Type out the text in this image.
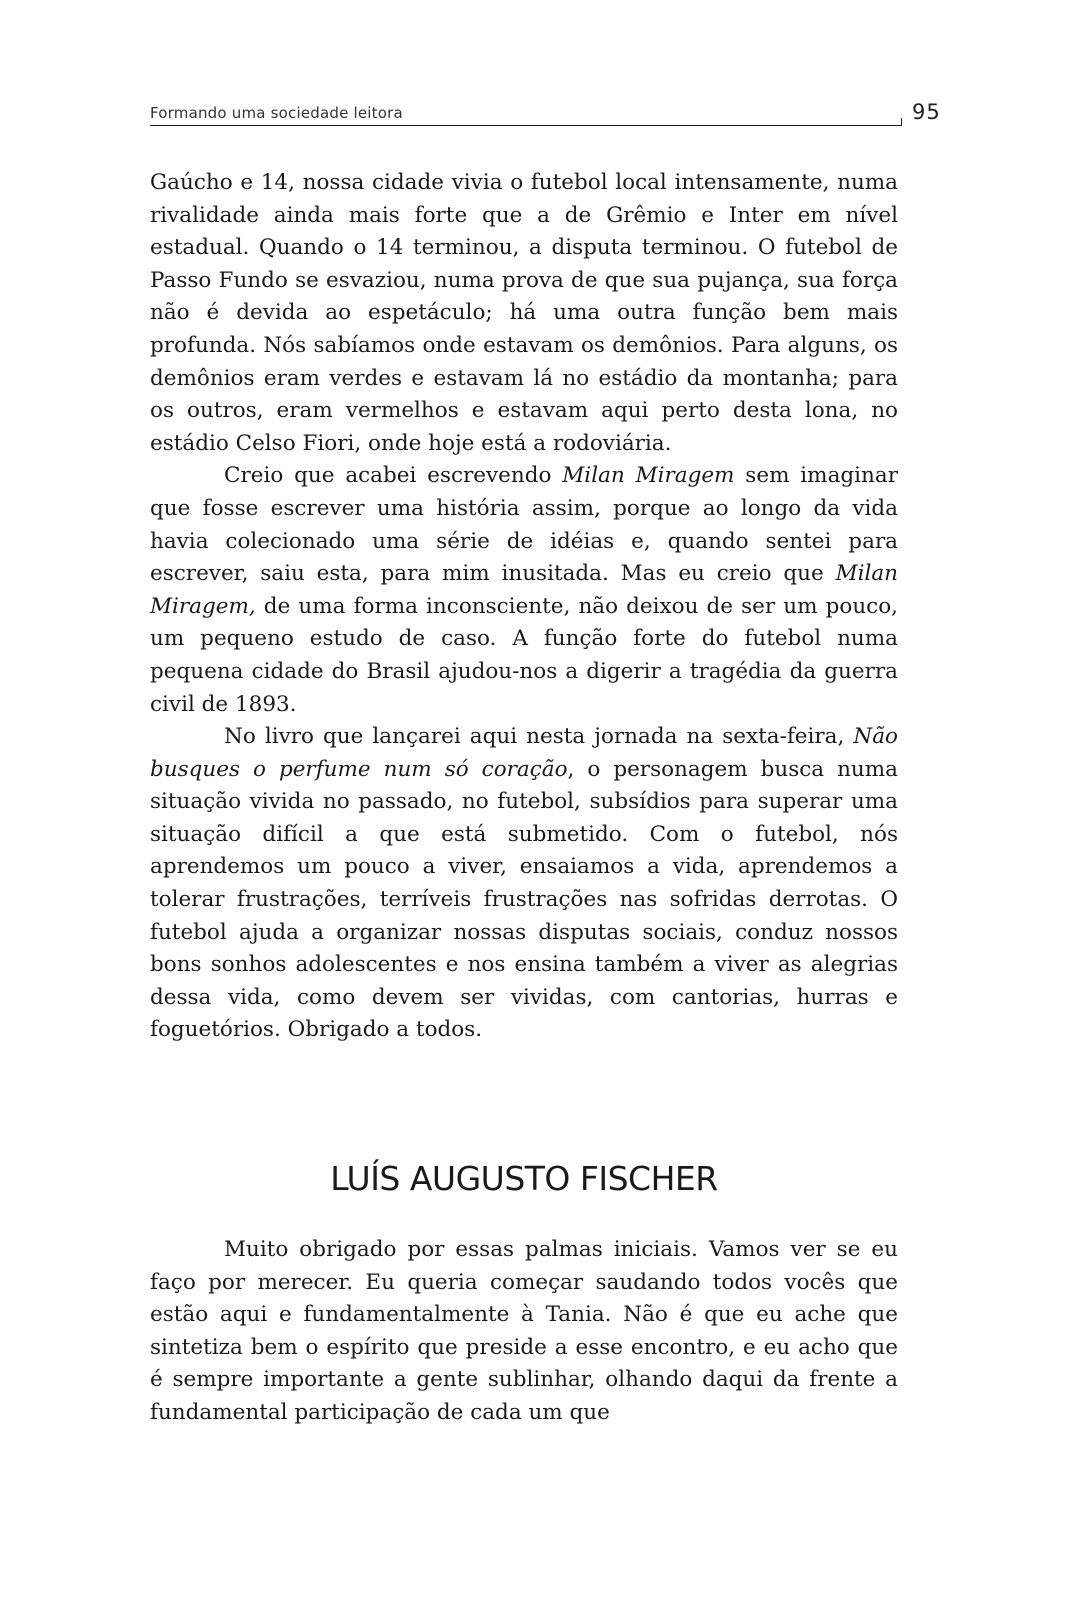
Formando uma sociedade leitora	95

Gaúcho e 14, nossa cidade vivia o futebol local intensamente, numa rivalidade ainda mais forte que a de Grêmio e Inter em nível estadual. Quando o 14 terminou, a disputa terminou. O futebol de Passo Fundo se esvaziou, numa prova de que sua pujança, sua força não é devida ao espetáculo; há uma outra função bem mais profunda. Nós sabíamos onde estavam os demônios. Para alguns, os demônios eram verdes e estavam lá no estádio da montanha; para os outros, eram vermelhos e estavam aqui perto desta lona, no estádio Celso Fiori, onde hoje está a rodoviária.

Creio que acabei escrevendo Milan Miragem sem imaginar que fosse escrever uma história assim, porque ao longo da vida havia colecionado uma série de idéias e, quando sentei para escrever, saiu esta, para mim inusitada. Mas eu creio que Milan Miragem, de uma forma inconsciente, não deixou de ser um pouco, um pequeno estudo de caso. A função forte do futebol numa pequena cidade do Brasil ajudou-nos a digerir a tragédia da guerra civil de 1893.

No livro que lançarei aqui nesta jornada na sexta-feira, Não busques o perfume num só coração, o personagem busca numa situação vivida no passado, no futebol, subsídios para superar uma situação difícil a que está submetido. Com o futebol, nós aprendemos um pouco a viver, ensaiamos a vida, aprendemos a tolerar frustrações, terríveis frustrações nas sofridas derrotas. O futebol ajuda a organizar nossas disputas sociais, conduz nossos bons sonhos adolescentes e nos ensina também a viver as alegrias dessa vida, como devem ser vividas, com cantorias, hurras e foguetórios. Obrigado a todos.

LUÍS AUGUSTO FISCHER

Muito obrigado por essas palmas iniciais. Vamos ver se eu faço por merecer. Eu queria começar saudando todos vocês que estão aqui e fundamentalmente à Tania. Não é que eu ache que sintetiza bem o espírito que preside a esse encontro, e eu acho que é sempre importante a gente sublinhar, olhando daqui da frente a fundamental participação de cada um que
